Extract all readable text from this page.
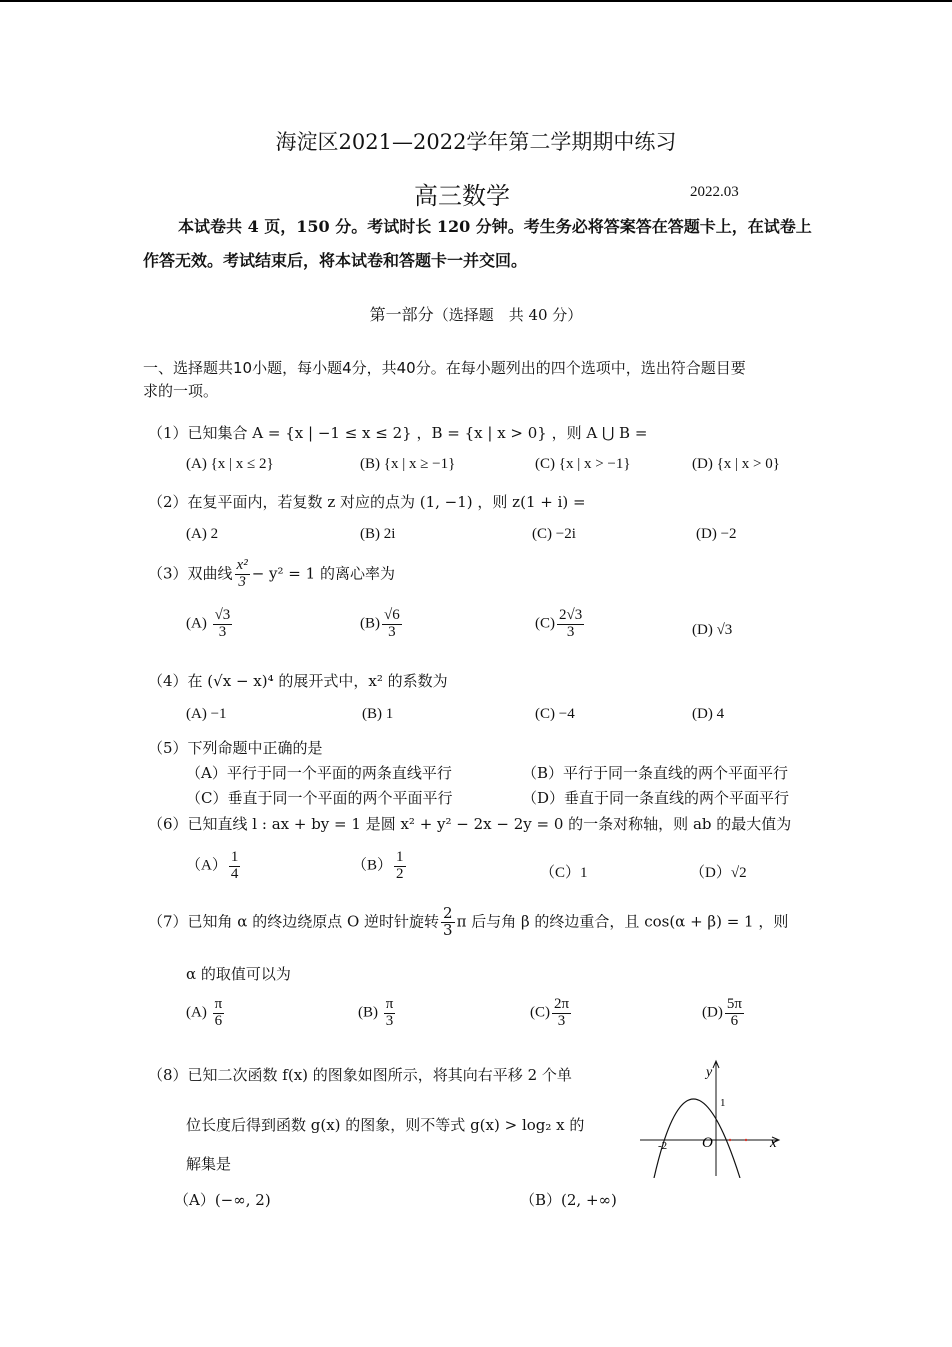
海淀区2021—2022学年第二学期期中练习
高三数学	2022.03
本试卷共 4 页，150 分。考试时长 120 分钟。考生务必将答案答在答题卡上，在试卷上
作答无效。考试结束后，将本试卷和答题卡一并交回。
第一部分（选择题　共 40 分）
一、选择题共10小题，每小题4分，共40分。在每小题列出的四个选项中，选出符合题目要
求的一项。
（1）已知集合 A = {x | −1 ≤ x ≤ 2} ，B = {x | x > 0} ，则 A ⋃ B =
(A) {x | x ≤ 2}	(B) {x | x ≥ −1}	(C) {x | x > −1}	(D) {x | x > 0}
（2）在复平面内，若复数 z 对应的点为 (1, −1) ，则 z(1 + i) =
(A) 2	(B) 2i	(C) −2i	(D) −2
（3）双曲线 $\frac{\text{x²}}{3} - y^2 = 1$ 的离心率为
$(A) \frac{√3}{3}$	$(B) \frac{√6}{3}$	$(C) \frac{2√3}{3}$	(D) √3
（4）在 (√x − x)⁴ 的展开式中，x² 的系数为
(A) −1	(B) 1	(C) −4	(D) 4
（5）下列命题中正确的是
（A）平行于同一个平面的两条直线平行	（B）平行于同一条直线的两个平面平行
（C）垂直于同一个平面的两个平面平行	（D）垂直于同一条直线的两个平面平行
（6）已知直线 l : ax + by = 1 是圆 x² + y² − 2x − 2y = 0 的一条对称轴，则 ab 的最大值为
$(A) \frac{1}{4}$	$(B) \frac{1}{2}$	（C）1	（D）√2
（7）已知角 α 的终边绕原点 O 逆时针旋转 $\frac{2}{3}$ π 后与角 β 的终边重合，且 cos(α + β) = 1 ，则
α 的取值可以为
$(A) \frac{\pi}{6}$	$(B) \frac{\pi}{3}$	$(C) \frac{2\pi}{3}$	$(D) \frac{5\pi}{6}$
（8）已知二次函数 f(x) 的图象如图所示，将其向右平移 2 个单
位长度后得到函数 g(x) 的图象，则不等式 g(x) > log₂ x 的
解集是
（A）(−∞, 2)	（B）(2, +∞)
y
x
O
-2
1
